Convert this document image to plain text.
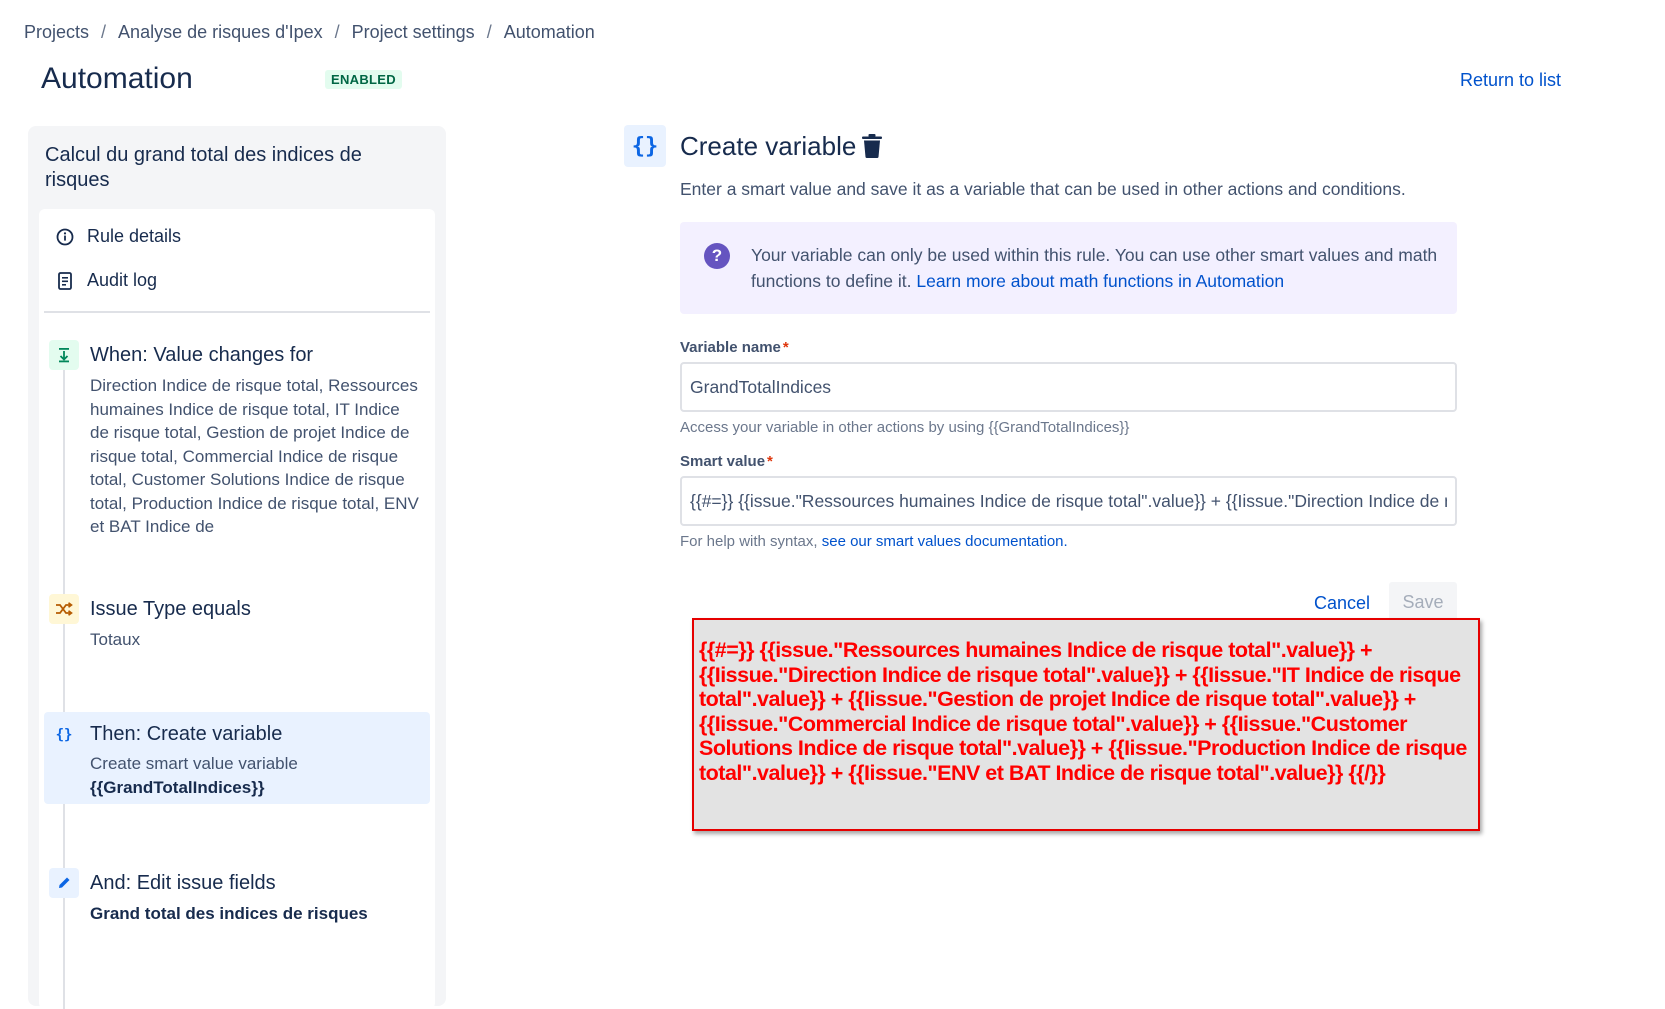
Projects / Analyse de risques d'Ipex / Project settings / Automation
Automation	ENABLED	Return to list
Calcul du grand total des indices de risques
Rule details
Audit log
When: Value changes for
Direction Indice de risque total, Ressources humaines Indice de risque total, IT Indice de risque total, Gestion de projet Indice de risque total, Commercial Indice de risque total, Customer Solutions Indice de risque total, Production Indice de risque total, ENV et BAT Indice de
Issue Type equals
Totaux
{} Then: Create variable
Create smart value variable
{{GrandTotalIndices}}
And: Edit issue fields
Grand total des indices de risques
{} Create variable

Enter a smart value and save it as a variable that can be used in other actions and conditions.

?	Your variable can only be used within this rule. You can use other smart values and math functions to define it. Learn more about math functions in Automation
Variable name *
GrandTotalIndices
Access your variable in other actions by using {{GrandTotalIndices}}
Smart value *
{{#=}} {{issue."Ressources humaines Indice de risque total".value}} + {{Iissue."Direction Indice de risque total".value}} + {{Iissue."IT Indice de risque total".value}}
For help with syntax, see our smart values documentation.
Cancel	Save
{{#=}} {{issue."Ressources humaines Indice de risque total".value}} + {{Iissue."Direction Indice de risque total".value}} + {{Iissue."IT Indice de risque total".value}} + {{Iissue."Gestion de projet Indice de risque total".value}} + {{Iissue."Commercial Indice de risque total".value}} + {{Iissue."Customer Solutions Indice de risque total".value}} + {{Iissue."Production Indice de risque total".value}} + {{Iissue."ENV et BAT Indice de risque total".value}} {{/}}
